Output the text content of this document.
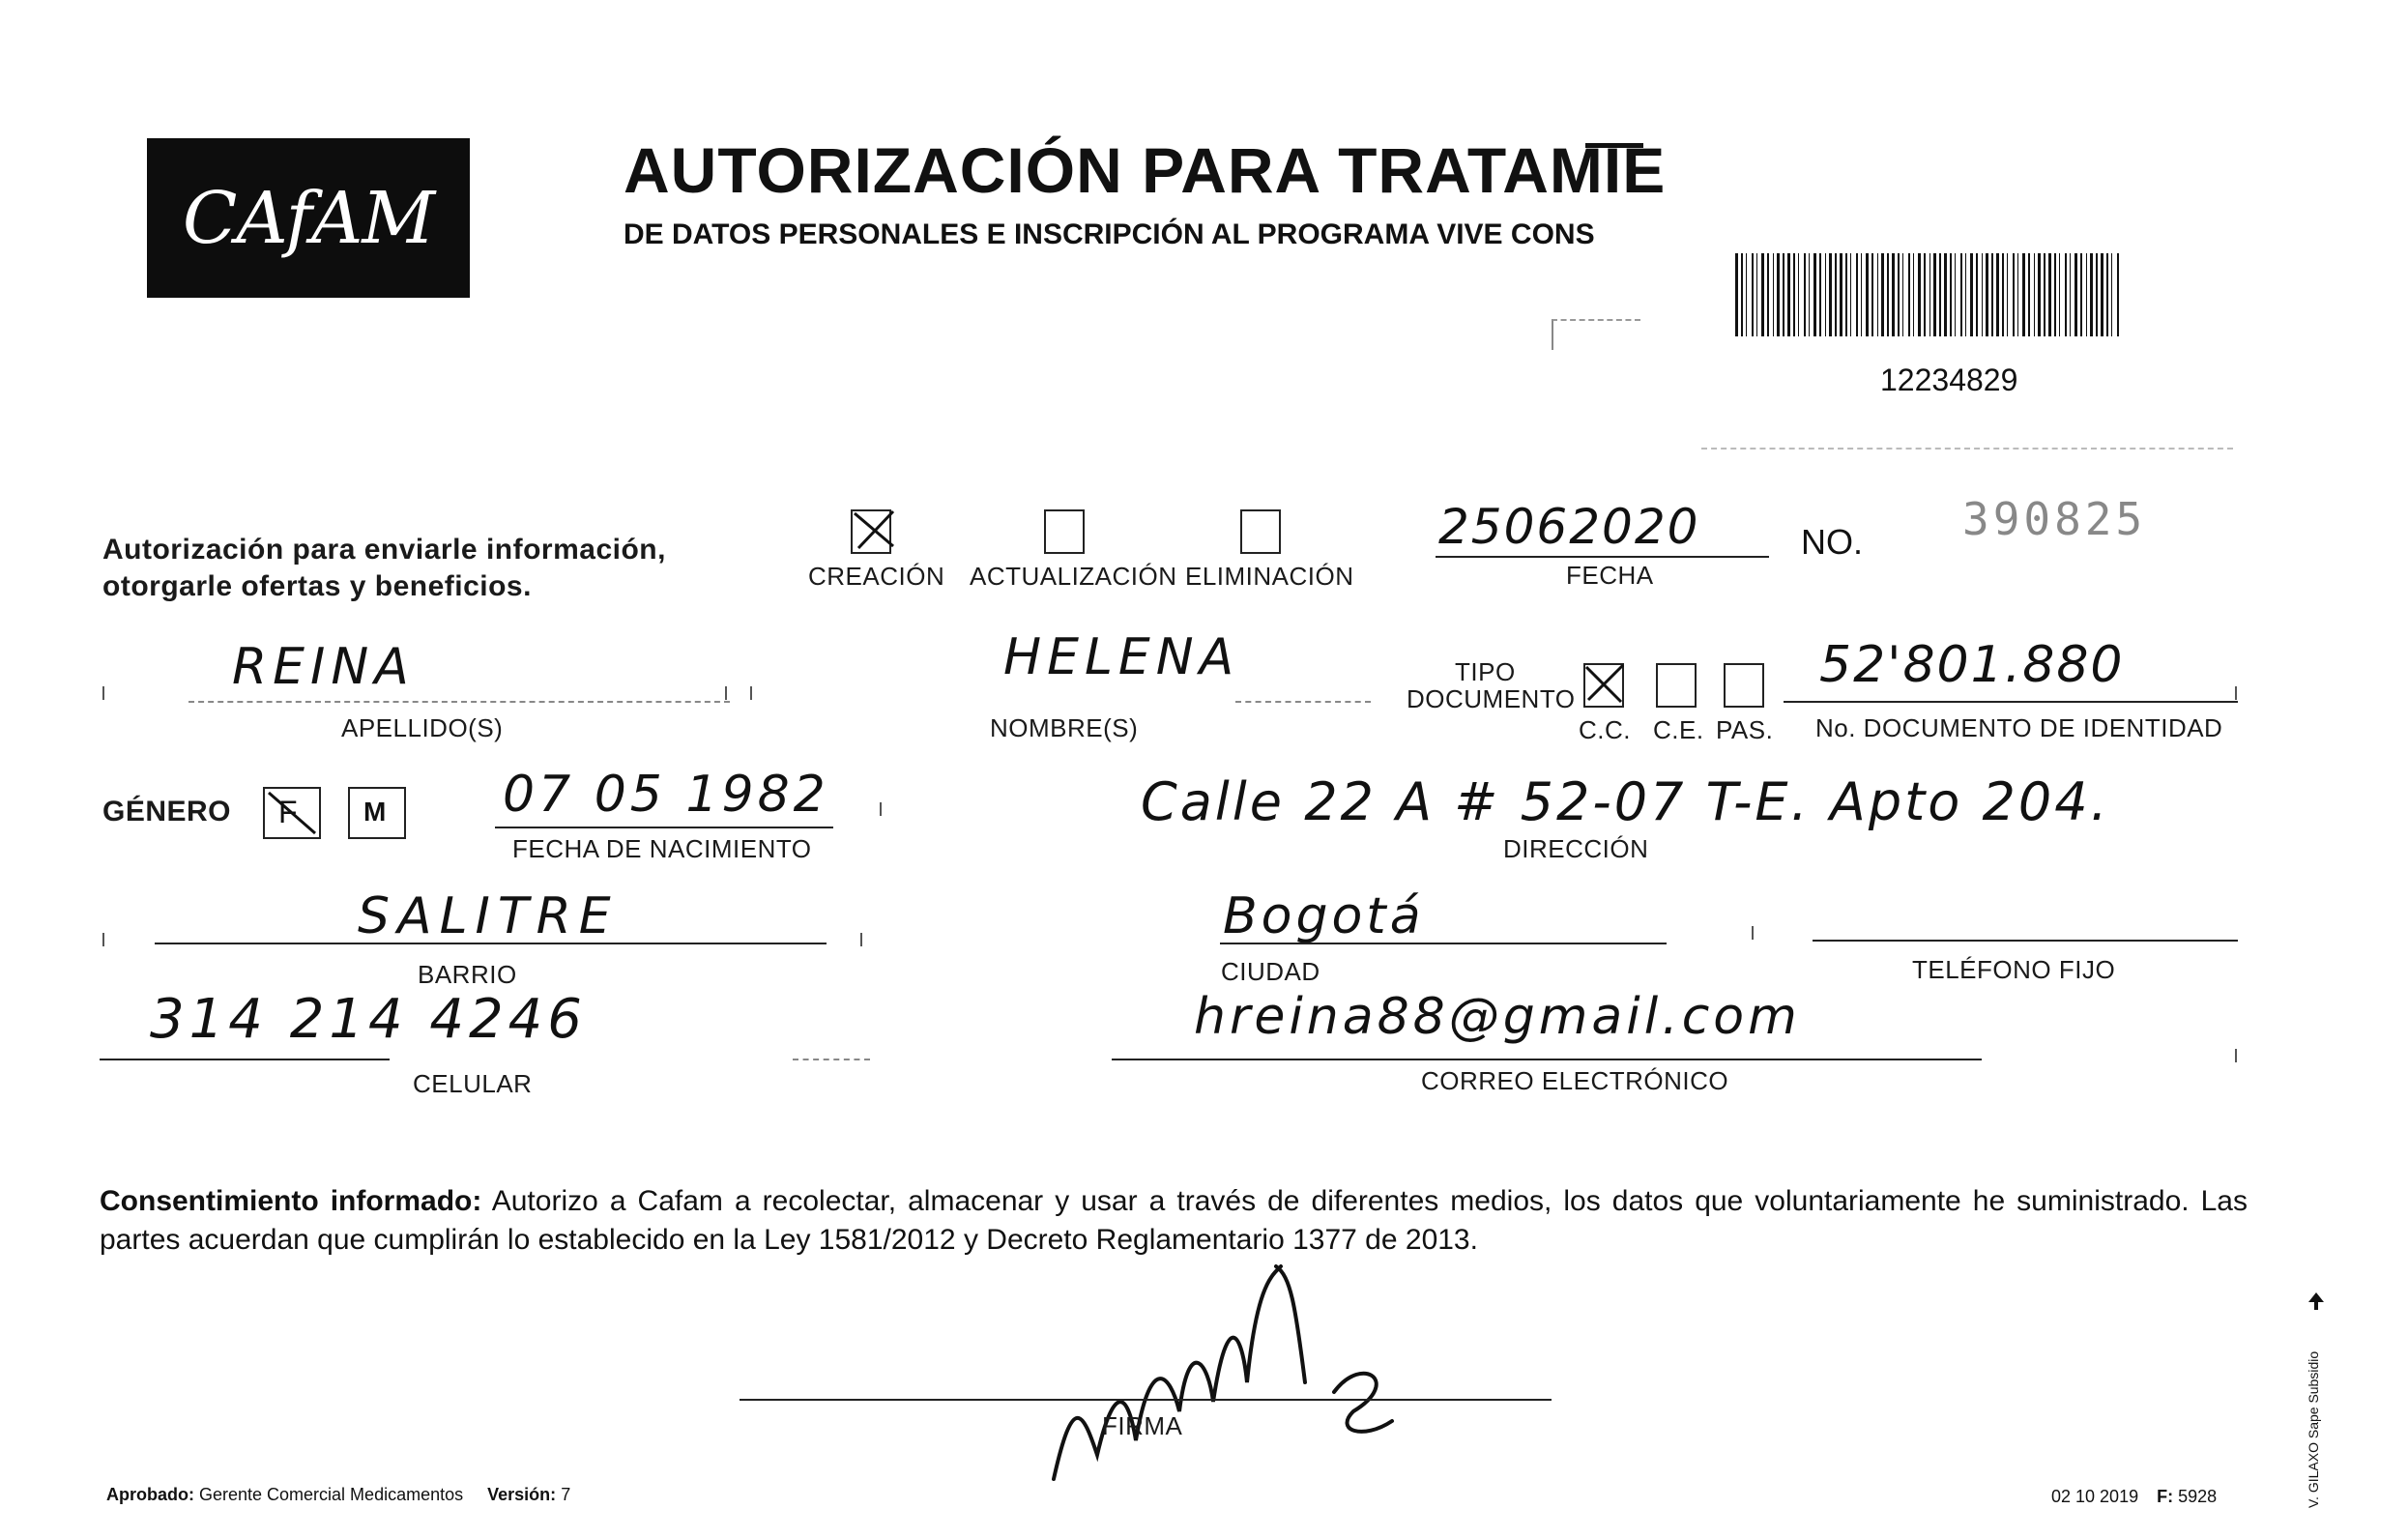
CAfAM
AUTORIZACIÓN PARA TRATAMIE
DE DATOS PERSONALES E INSCRIPCIÓN AL PROGRAMA VIVE CONS
12234829
Autorización para enviarle información,
otorgarle ofertas y beneficios.	CREACIÓN ACTUALIZACIÓN ELIMINACIÓN
25062020
FECHA
NO. 390825
REINA
APELLIDO(S)
HELENA
NOMBRE(S)
TIPO
DOCUMENTO
C.C. C.E. PAS.
52'801.880
No. DOCUMENTO DE IDENTIDAD
GÉNERO F M 07 05 1982
FECHA DE NACIMIENTO
Calle 22 A # 52-07 T-E. Apto 204.
DIRECCIÓN
SALITRE
BARRIO
Bogotá
CIUDAD	TELÉFONO FIJO
314 214 4246
CELULAR
hreina88@gmail.com
CORREO ELECTRÓNICO
Consentimiento informado: Autorizo a Cafam a recolectar, almacenar y usar a través de diferentes medios, los datos que voluntariamente he suministrado. Las partes acuerdan que cumplirán lo establecido en la Ley 1581/2012 y Decreto Reglamentario 1377 de 2013.
FIRMA
Aprobado: Gerente Comercial Medicamentos Versión: 7	02 10 2019 F: 5928	V. GILAXO Sape Subsidio
